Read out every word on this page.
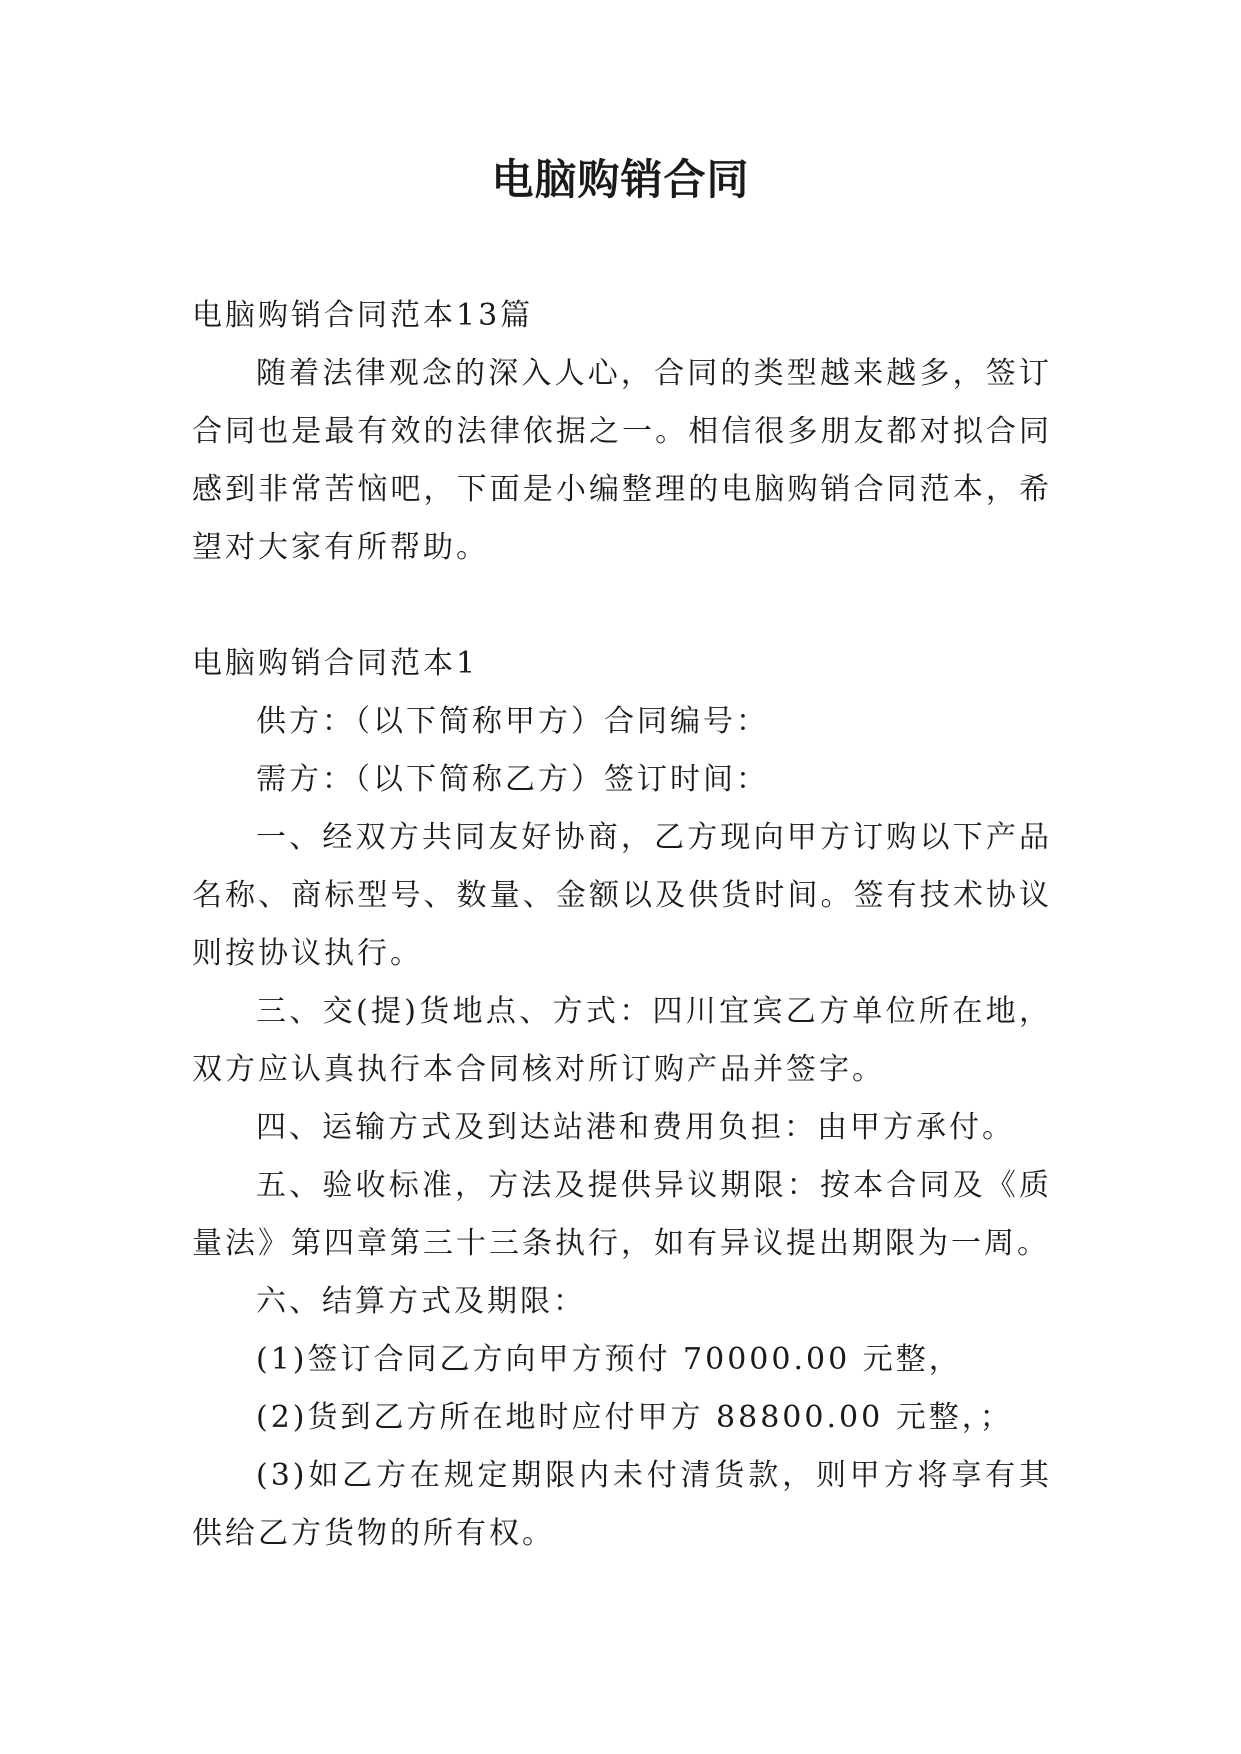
电脑购销合同

电脑购销合同范本13篇

随着法律观念的深入人心，合同的类型越来越多，签订合同也是最有效的法律依据之一。相信很多朋友都对拟合同感到非常苦恼吧，下面是小编整理的电脑购销合同范本，希望对大家有所帮助。

电脑购销合同范本1

供方：（以下简称甲方）合同编号：

需方：（以下简称乙方）签订时间：

一、经双方共同友好协商，乙方现向甲方订购以下产品名称、商标型号、数量、金额以及供货时间。签有技术协议则按协议执行。

三、交(提)货地点、方式：四川宜宾乙方单位所在地，双方应认真执行本合同核对所订购产品并签字。

四、运输方式及到达站港和费用负担：由甲方承付。

五、验收标准，方法及提供异议期限：按本合同及《质量法》第四章第三十三条执行，如有异议提出期限为一周。

六、结算方式及期限：

(1)签订合同乙方向甲方预付 70000.00 元整，

(2)货到乙方所在地时应付甲方 88800.00 元整，；

(3)如乙方在规定期限内未付清货款，则甲方将享有其供给乙方货物的所有权。
